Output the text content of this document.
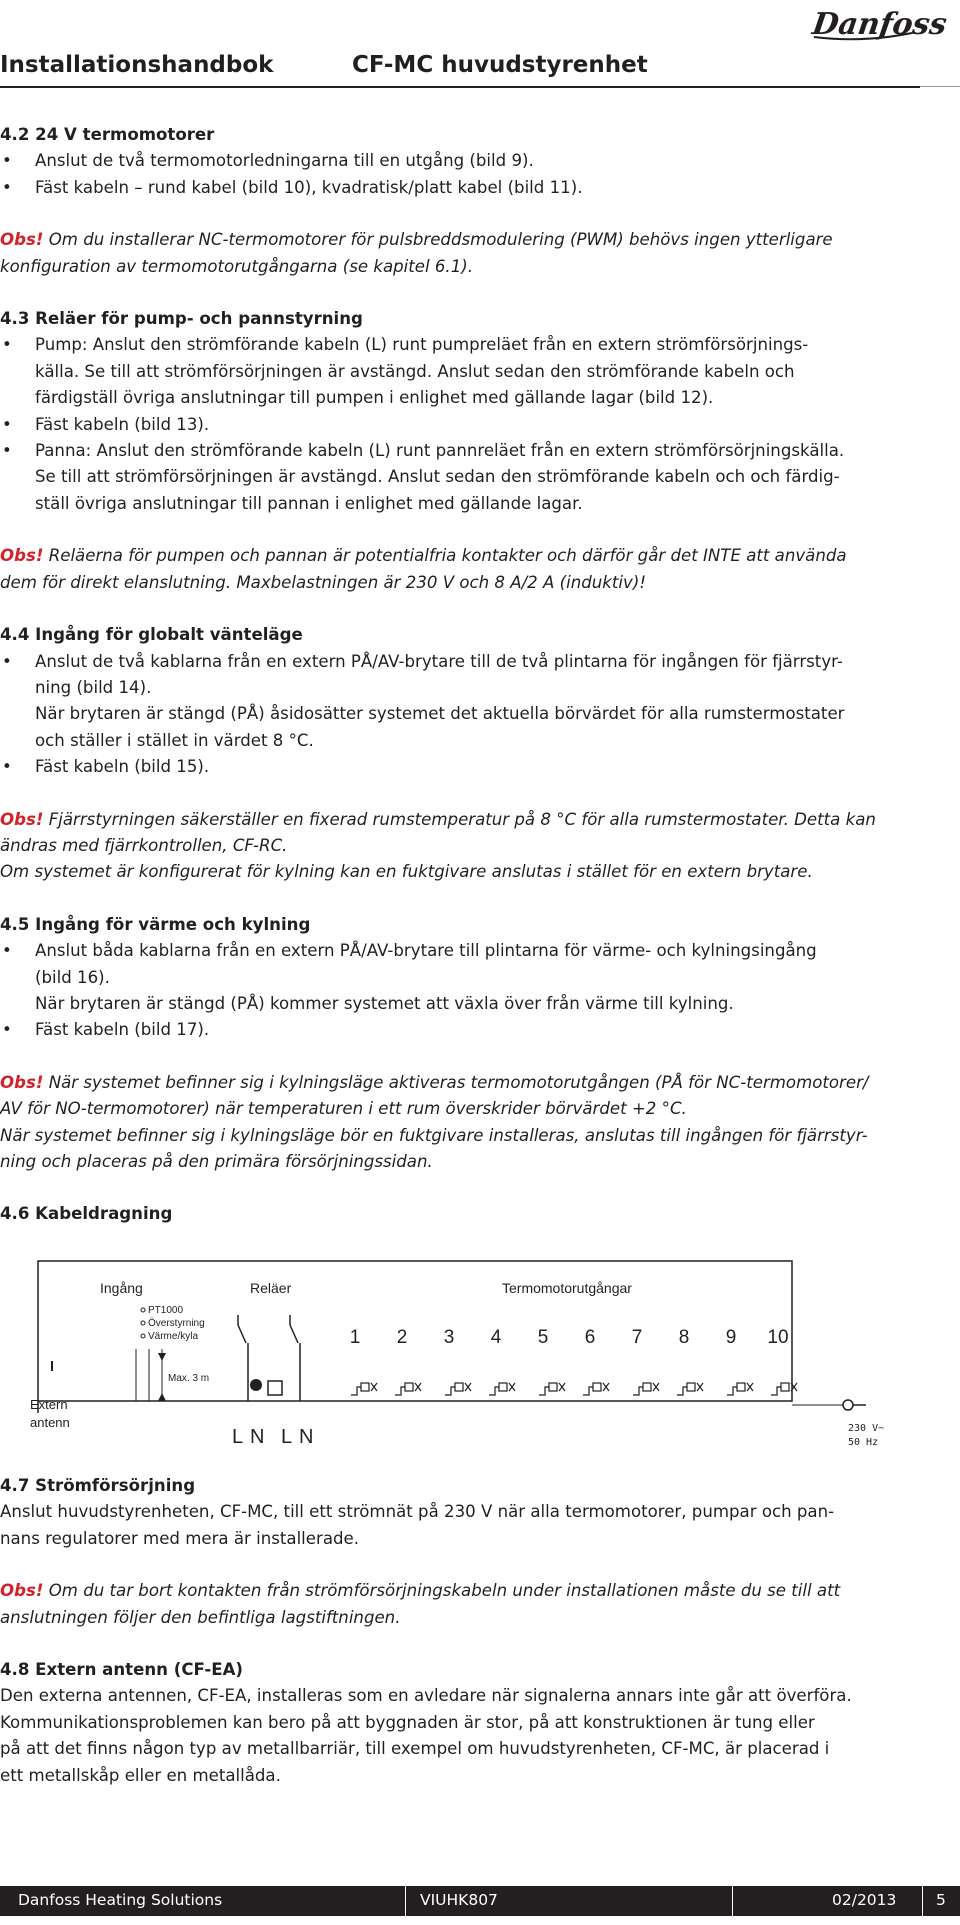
Danfoss
Installationshandbok	CF-MC huvudstyrenhet

4.2 24 V termomotorer

• Anslut de två termomotorledningarna till en utgång (bild 9).
• Fäst kabeln – rund kabel (bild 10), kvadratisk/platt kabel (bild 11).

Obs! Om du installerar NC-termomotorer för pulsbreddsmodulering (PWM) behövs ingen ytterligare

konfiguration av termomotorutgångarna (se kapitel 6.1).

4.3 Reläer för pump- och pannstyrning

• Pump: Anslut den strömförande kabeln (L) runt pumpreläet från en extern strömförsörjnings-

källa. Se till att strömförsörjningen är avstängd. Anslut sedan den strömförande kabeln och

färdigställ övriga anslutningar till pumpen i enlighet med gällande lagar (bild 12).

• Fäst kabeln (bild 13).
• Panna: Anslut den strömförande kabeln (L) runt pannreläet från en extern strömförsörjningskälla.

Se till att strömförsörjningen är avstängd. Anslut sedan den strömförande kabeln och och färdig-

ställ övriga anslutningar till pannan i enlighet med gällande lagar.

Obs! Reläerna för pumpen och pannan är potentialfria kontakter och därför går det INTE att använda

dem för direkt elanslutning. Maxbelastningen är 230 V och 8 A/2 A (induktiv)!

4.4 Ingång för globalt vänteläge

• Anslut de två kablarna från en extern PÅ/AV-brytare till de två plintarna för ingången för fjärrstyr-

ning (bild 14).

När brytaren är stängd (PÅ) åsidosätter systemet det aktuella börvärdet för alla rumstermostater

och ställer i stället in värdet 8 °C.

• Fäst kabeln (bild 15).

Obs! Fjärrstyrningen säkerställer en fixerad rumstemperatur på 8 °C för alla rumstermostater. Detta kan

ändras med fjärrkontrollen, CF-RC.

Om systemet är konfigurerat för kylning kan en fuktgivare anslutas i stället för en extern brytare.

4.5 Ingång för värme och kylning

• Anslut båda kablarna från en extern PÅ/AV-brytare till plintarna för värme- och kylningsingång

(bild 16).

När brytaren är stängd (PÅ) kommer systemet att växla över från värme till kylning.

• Fäst kabeln (bild 17).

Obs! När systemet befinner sig i kylningsläge aktiveras termomotorutgången (PÅ för NC-termomotorer/

AV för NO-termomotorer) när temperaturen i ett rum överskrider börvärdet +2 °C.

När systemet befinner sig i kylningsläge bör en fuktgivare installeras, anslutas till ingången för fjärrstyr-

ning och placeras på den primära försörjningssidan.

4.6 Kabeldragning

Ingång	Reläer	Termomotorutgångar
PT1000
Överstyrning
Värme/kyla
Max. 3 m
Extern
antenn
L N L N
1 2 3 4 5 6 7 8 9 10
230 V~
50 Hz

4.7 Strömförsörjning

Anslut huvudstyrenheten, CF-MC, till ett strömnät på 230 V när alla termomotorer, pumpar och pan-

nans regulatorer med mera är installerade.

Obs! Om du tar bort kontakten från strömförsörjningskabeln under installationen måste du se till att

anslutningen följer den befintliga lagstiftningen.

4.8 Extern antenn (CF-EA)

Den externa antennen, CF-EA, installeras som en avledare när signalerna annars inte går att överföra.

Kommunikationsproblemen kan bero på att byggnaden är stor, på att konstruktionen är tung eller

på att det finns någon typ av metallbarriär, till exempel om huvudstyrenheten, CF-MC, är placerad i

ett metallskåp eller en metallåda.

Danfoss Heating Solutions	VIUHK807	02/2013	5
